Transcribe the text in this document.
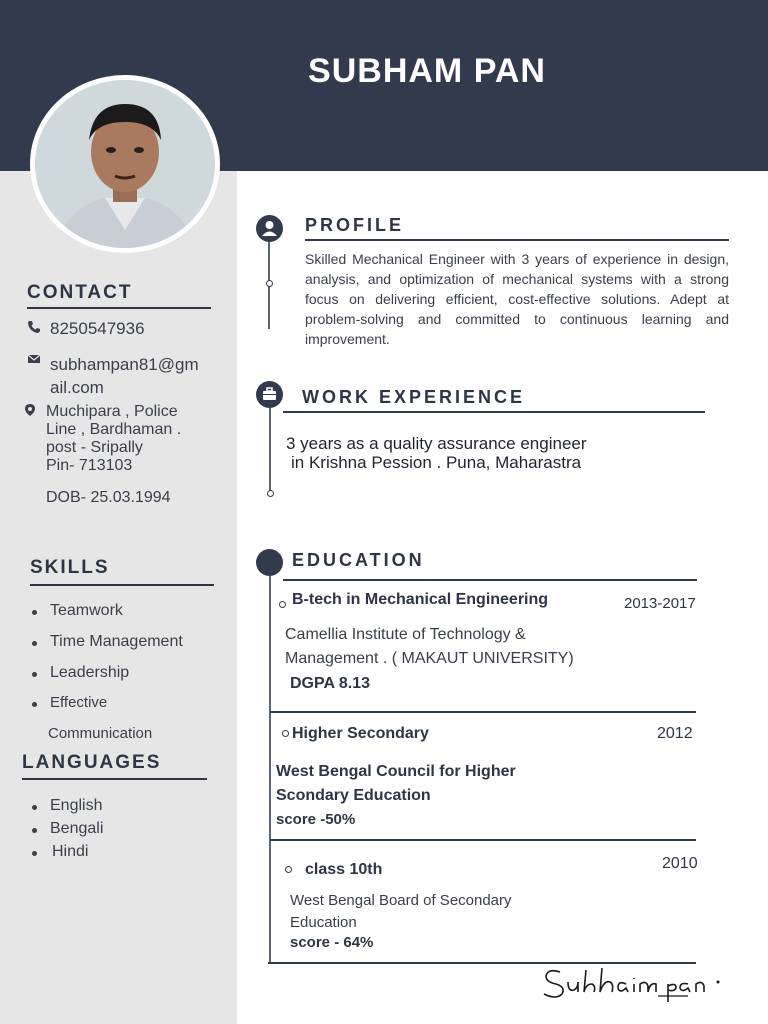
SUBHAM PAN
CONTACT
8250547936
subhampan81@gm
ail.com
Muchipara , Police
Line , Bardhaman .
post - Sripally
Pin- 713103
DOB- 25.03.1994
SKILLS
Teamwork
Time Management
Leadership
Effective
Communication
LANGUAGES
English
Bengali
Hindi
PROFILE
Skilled Mechanical Engineer with 3 years of experience in design, analysis, and optimization of mechanical systems with a strong focus on delivering efficient, cost-effective solutions. Adept at problem-solving and committed to continuous learning and improvement.
WORK EXPERIENCE
3 years as a quality assurance engineer
in Krishna Pession . Puna, Maharastra
EDUCATION
B-tech in Mechanical Engineering	2013-2017
Camellia Institute of Technology &
Management . ( MAKAUT UNIVERSITY)
DGPA 8.13
Higher Secondary	2012
West Bengal Council for Higher
Scondary Education
score -50%
class 10th	2010
West Bengal Board of Secondary
Education
score - 64%
